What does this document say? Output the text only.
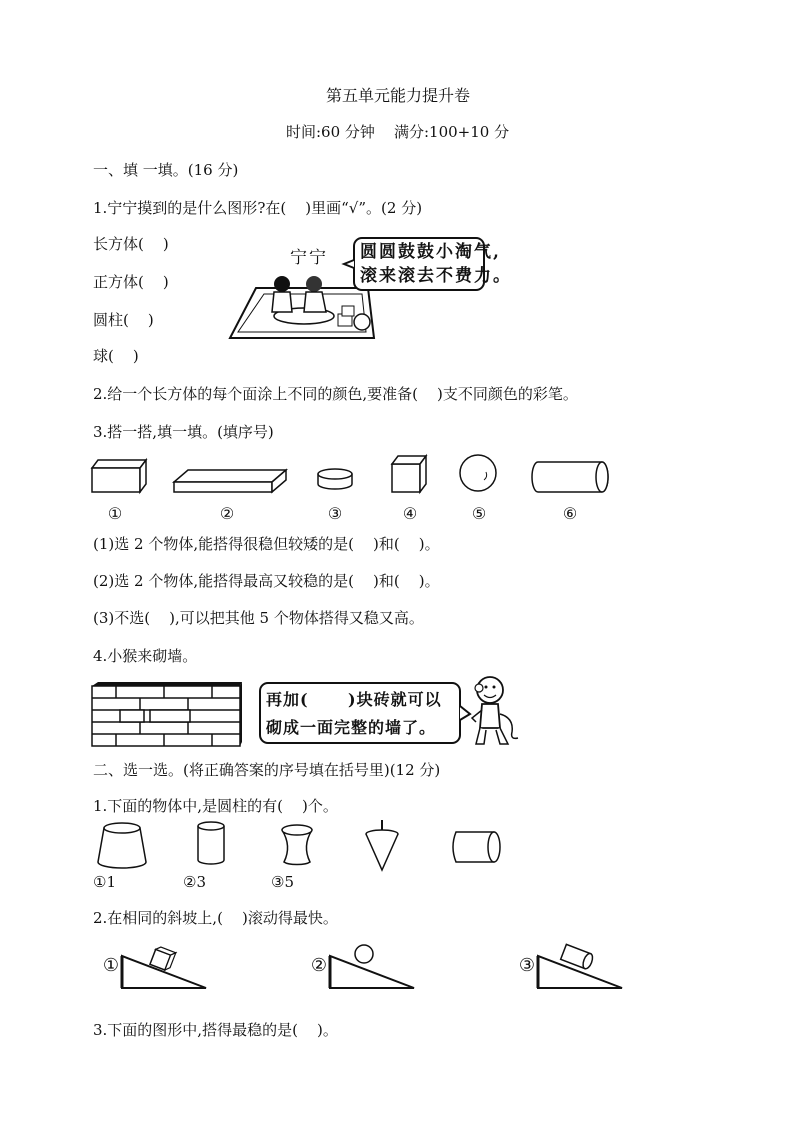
第五单元能力提升卷
时间:60 分钟    满分:100+10 分
一、填 一填。(16 分)
1.宁宁摸到的是什么图形?在(    )里画“√”。(2 分)
长方体(    )
正方体(    )
圆柱(    )
球(    )
宁宁 圆圆鼓鼓小淘气,
滚来滚去不费力。
2.给一个长方体的每个面涂上不同的颜色,要准备(    )支不同颜色的彩笔。
3.搭一搭,填一填。(填序号)
①	②	③	④	⑤	⑥
(1)选 2 个物体,能搭得很稳但较矮的是(    )和(    )。
(2)选 2 个物体,能搭得最高又较稳的是(    )和(    )。
(3)不选(    ),可以把其他 5 个物体搭得又稳又高。
4.小猴来砌墙。
再加(      )块砖就可以
砌成一面完整的墙了。
二、选一选。(将正确答案的序号填在括号里)(12 分)
1.下面的物体中,是圆柱的有(    )个。
①1	②3	③5
2.在相同的斜坡上,(    )滚动得最快。
①	②	③
3.下面的图形中,搭得最稳的是(    )。
